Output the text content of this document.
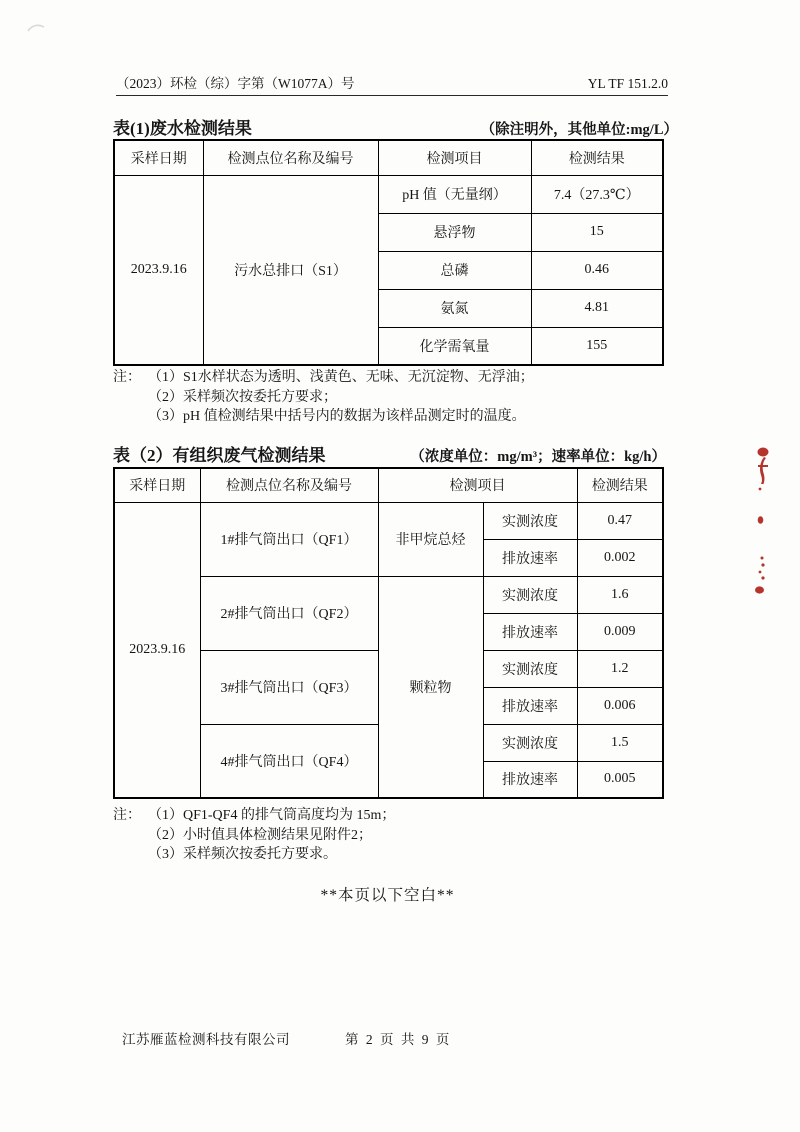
（2023）环检（综）字第（W1077A）号	YL TF 151.2.0
表(1)废水检测结果	（除注明外，其他单位:mg/L）
采样日期	检测点位名称及编号	检测项目	检测结果
2023.9.16	污水总排口（S1）	pH 值（无量纲）	7.4（27.3℃）
		悬浮物	15
		总磷	0.46
		氨氮	4.81
		化学需氧量	155
注： （1）S1水样状态为透明、浅黄色、无味、无沉淀物、无浮油；
（2）采样频次按委托方要求；
（3）pH 值检测结果中括号内的数据为该样品测定时的温度。
表（2）有组织废气检测结果	（浓度单位：mg/m³；速率单位：kg/h）
采样日期	检测点位名称及编号	检测项目		检测结果
2023.9.16	1#排气筒出口（QF1）	非甲烷总烃	实测浓度	0.47
			排放速率	0.002
	2#排气筒出口（QF2）	颗粒物	实测浓度	1.6
			排放速率	0.009
	3#排气筒出口（QF3）		实测浓度	1.2
			排放速率	0.006
	4#排气筒出口（QF4）		实测浓度	1.5
			排放速率	0.005
注： （1）QF1-QF4 的排气筒高度均为 15m；
（2）小时值具体检测结果见附件2；
（3）采样频次按委托方要求。
**本页以下空白**
江苏雁蓝检测科技有限公司	第 2 页 共 9 页
